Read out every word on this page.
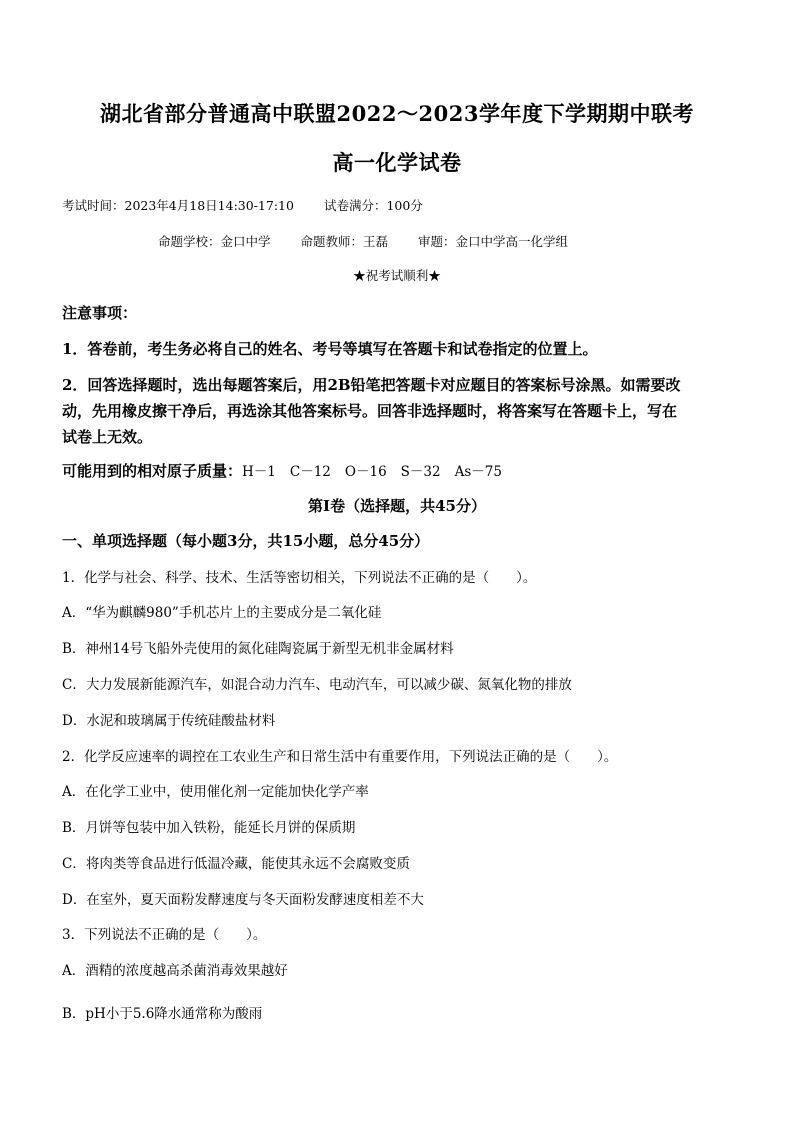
湖北省部分普通高中联盟2022～2023学年度下学期期中联考
高一化学试卷
考试时间：2023年4月18日14:30-17:10 试卷满分：100分
命题学校：金口中学 命题教师：王磊 审题：金口中学高一化学组
★祝考试顺利★
注意事项：
1．答卷前，考生务必将自己的姓名、考号等填写在答题卡和试卷指定的位置上。
2．回答选择题时，选出每题答案后，用2B铅笔把答题卡对应题目的答案标号涂黑。如需要改
动，先用橡皮擦干净后，再选涂其他答案标号。回答非选择题时，将答案写在答题卡上，写在
试卷上无效。
可能用到的相对原子质量：H－1 C－12 O－16 S－32 As－75
第Ⅰ卷（选择题，共45分）
一、单项选择题（每小题3分，共15小题，总分45分）
1．化学与社会、科学、技术、生活等密切相关，下列说法不正确的是（　　）。
A．“华为麒麟980”手机芯片上的主要成分是二氧化硅
B．神州14号飞船外壳使用的氮化硅陶瓷属于新型无机非金属材料
C．大力发展新能源汽车，如混合动力汽车、电动汽车，可以减少碳、氮氧化物的排放
D．水泥和玻璃属于传统硅酸盐材料
2．化学反应速率的调控在工农业生产和日常生活中有重要作用，下列说法正确的是（　　）。
A．在化学工业中，使用催化剂一定能加快化学产率
B．月饼等包装中加入铁粉，能延长月饼的保质期
C．将肉类等食品进行低温冷藏，能使其永远不会腐败变质
D．在室外，夏天面粉发酵速度与冬天面粉发酵速度相差不大
3．下列说法不正确的是（　　）。
A．酒精的浓度越高杀菌消毒效果越好
B．pH小于5.6降水通常称为酸雨
